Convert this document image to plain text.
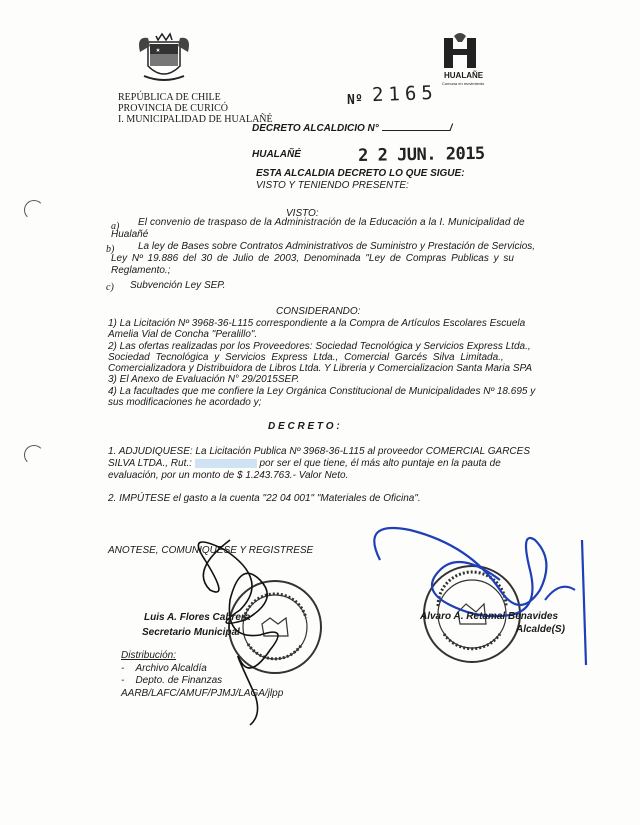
REPÚBLICA DE CHILE
PROVINCIA DE CURICÓ
I. MUNICIPALIDAD DE HUALAÑÉ
HUALAÑE
Comuna en movimiento
Nº 2165
DECRETO ALCALDICIO N°	/
HUALAÑÉ	2 2 JUN. 2015
ESTA ALCALDIA DECRETO LO QUE SIGUE:
VISTO Y TENIENDO PRESENTE:
VISTO:
a) El convenio de traspaso de la Administración de la Educación a la I. Municipalidad de
Hualañé
b) La ley de Bases sobre Contratos Administrativos de Suministro y Prestación de Servicios,
Ley Nº 19.886 del 30 de Julio de 2003, Denominada "Ley de Compras Publicas y su
Reglamento.;
c) Subvención Ley SEP.
CONSIDERANDO:
1) La Licitación Nº 3968-36-L115 correspondiente a la Compra de Artículos Escolares Escuela
Amelia Vial de Concha "Peralillo".
2) Las ofertas realizadas por los Proveedores: Sociedad Tecnológica y Servicios Express Ltda.,
Sociedad Tecnológica y Servicios Express Ltda., Comercial Garcés Silva Limitada.,
Comercializadora y Distribuidora de Libros Ltda. Y Libreria y Comercializacion Santa Maria SPA
3) El Anexo de Evaluación N° 29/2015SEP.
4) La facultades que me confiere la Ley Orgánica Constitucional de Municipalidades Nº 18.695 y
sus modificaciones he acordado y;
D E C R E T O :
1. ADJUDIQUESE: La Licitación Publica Nº 3968-36-L115 al proveedor COMERCIAL GARCES
SILVA LTDA., Rut.:	por ser el que tiene, él más alto puntaje en la pauta de
evaluación, por un monto de $ 1.243.763.- Valor Neto.
2. IMPÚTESE el gasto a la cuenta "22 04 001" "Materiales de Oficina".
ANOTESE, COMUNIQUESE Y REGISTRESE
Luis A. Flores Cabrera
Secretario Municipal
Alvaro A. Retamal Benavides
Alcalde(S)
Distribución:
-    Archivo Alcaldía
-    Depto. de Finanzas
AARB/LAFC/AMUF/PJMJ/LAGA/jlpp
